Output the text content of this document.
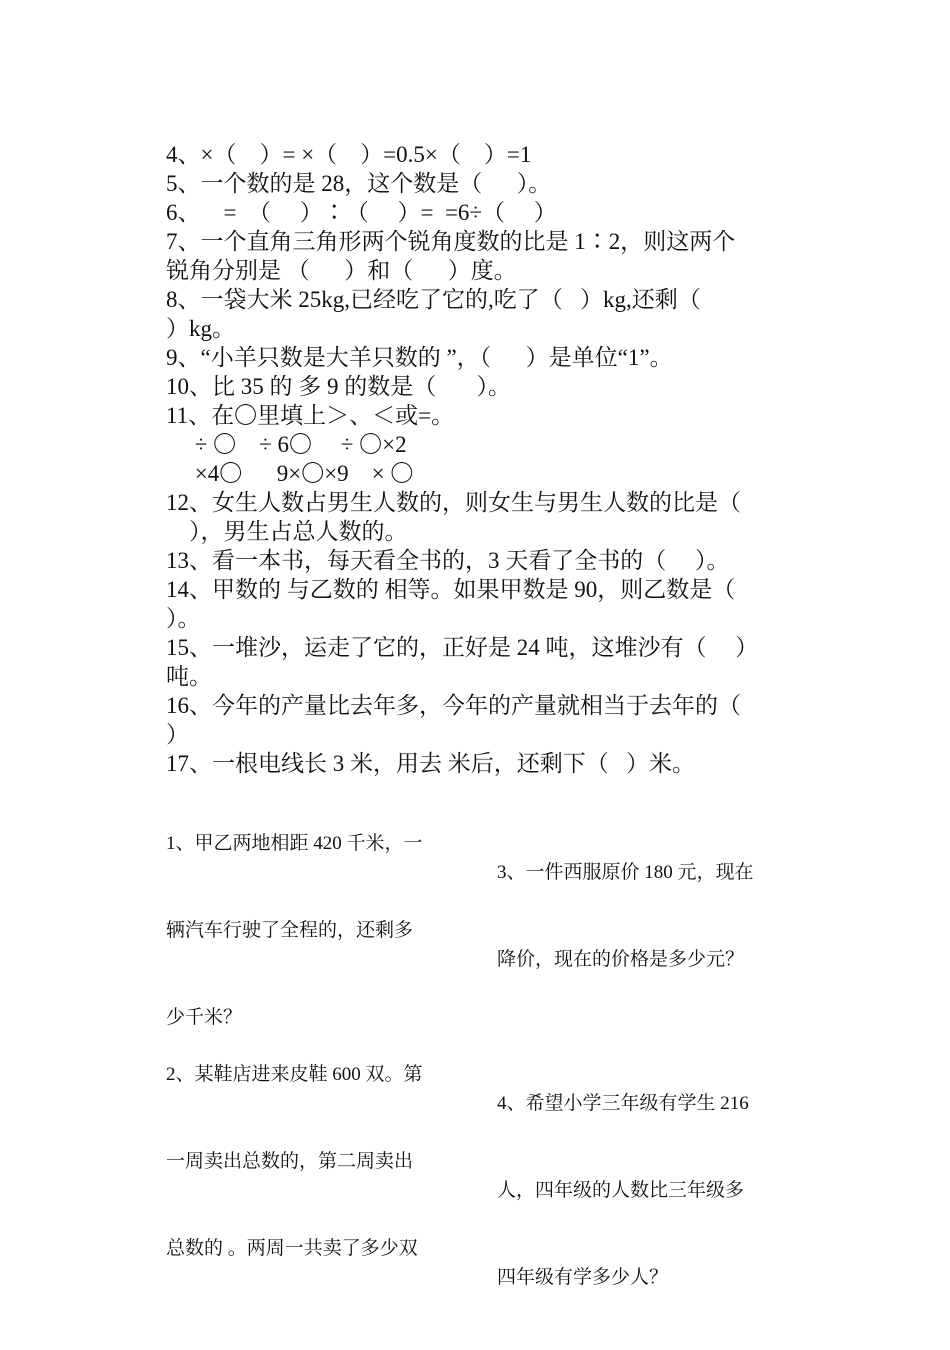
4、×（    ）= ×（    ）=0.5×（    ）=1
5、一个数的是 28，这个数是（      ）。
6、    =  （     ）∶（     ）=  =6÷（     ）
7、一个直角三角形两个锐角度数的比是 1∶2，则这两个
锐角分别是 （      ）和（      ）度。
8、一袋大米 25kg,已经吃了它的,吃了（   ）kg,还剩（
）kg。
9、“小羊只数是大羊只数的 ”，（      ）是单位“1”。
10、比 35 的 多 9 的数是（       ）。
11、在〇里填上＞、＜或=。
÷ 〇    ÷ 6〇     ÷ 〇×2
×4〇      9×〇×9    × 〇
12、女生人数占男生人数的，则女生与男生人数的比是（
），男生占总人数的。
13、看一本书，每天看全书的，3 天看了全书的（     ）。
14、甲数的 与乙数的 相等。如果甲数是 90，则乙数是（
）。
15、一堆沙，运走了它的，正好是 24 吨，这堆沙有（     ）
吨。
16、今年的产量比去年多，今年的产量就相当于去年的（
）
17、一根电线长 3 米，用去 米后，还剩下（   ）米。

1、甲乙两地相距 420 千米，一

辆汽车行驶了全程的，还剩多

少千米？

3、一件西服原价 180 元，现在

降价，现在的价格是多少元？

2、某鞋店进来皮鞋 600 双。第

一周卖出总数的，第二周卖出

总数的 。两周一共卖了多少双

4、希望小学三年级有学生 216

人，四年级的人数比三年级多

四年级有学多少人？
